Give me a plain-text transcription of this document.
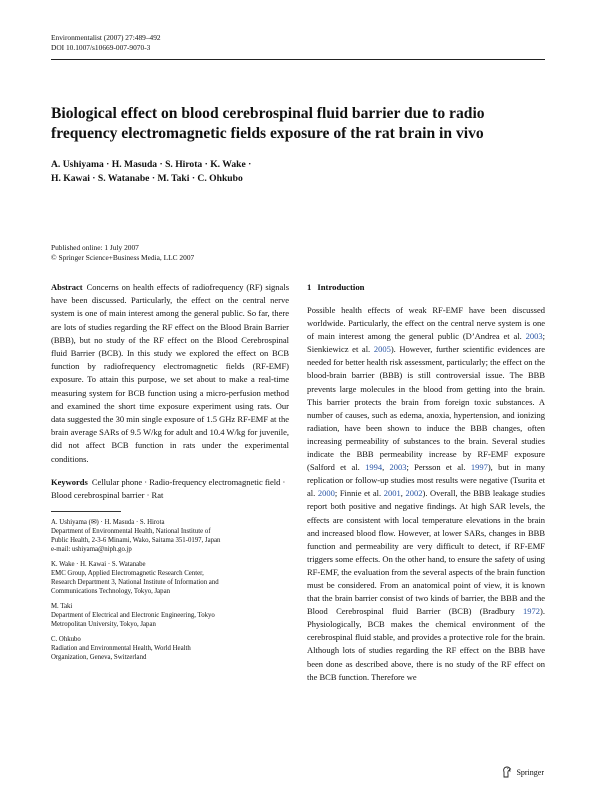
Environmentalist (2007) 27:489–492
DOI 10.1007/s10669-007-9070-3
Biological effect on blood cerebrospinal fluid barrier due to radio frequency electromagnetic fields exposure of the rat brain in vivo
A. Ushiyama · H. Masuda · S. Hirota · K. Wake ·
H. Kawai · S. Watanabe · M. Taki · C. Ohkubo
Published online: 1 July 2007
© Springer Science+Business Media, LLC 2007

Abstract Concerns on health effects of radiofrequency (RF) signals have been discussed. Particularly, the effect on the central nerve system is one of main interest among the general public. So far, there are lots of studies regarding the RF effect on the Blood Brain Barrier (BBB), but no study of the RF effect on the Blood Cerebrospinal fluid Barrier (BCB). In this study we explored the effect on BCB function by radiofrequency electromagnetic fields (RF-EMF) exposure. To attain this purpose, we set about to make a real-time measuring system for BCB function using a micro-perfusion method and examined the short time exposure experiment using rats. Our data suggested the 30 min single exposure of 1.5 GHz RF-EMF at the brain average SARs of 9.5 W/kg for adult and 10.4 W/kg for juvenile, did not affect BCB function in rats under the experimental conditions.

Keywords Cellular phone · Radio-frequency electromagnetic field · Blood cerebrospinal barrier · Rat

A. Ushiyama (✉) · H. Masuda · S. Hirota
Department of Environmental Health, National Institute of
Public Health, 2-3-6 Minami, Wako, Saitama 351-0197, Japan
e-mail: ushiyama@niph.go.jp
K. Wake · H. Kawai · S. Watanabe
EMC Group, Applied Electromagnetic Research Center,
Research Department 3, National Institute of Information and
Communications Technology, Tokyo, Japan
M. Taki
Department of Electrical and Electronic Engineering, Tokyo
Metropolitan University, Tokyo, Japan
C. Ohkubo
Radiation and Environmental Health, World Health
Organization, Geneva, Switzerland

1 Introduction

Possible health effects of weak RF-EMF have been discussed worldwide. Particularly, the effect on the central nerve system is one of main interest among the general public (D’Andrea et al. 2003; Sienkiewicz et al. 2005). However, further scientific evidences are needed for better health risk assessment, particularly; the effect on the blood-brain barrier (BBB) is still controversial issue. The BBB prevents large molecules in the blood from getting into the brain. This barrier protects the brain from foreign toxic substances. A number of causes, such as edema, anoxia, hypertension, and ionizing radiation, have been shown to induce the BBB changes, often increasing permeability of substances to the brain. Several studies indicate the BBB permeability increase by RF-EMF exposure (Salford et al. 1994, 2003; Persson et al. 1997), but in many replication or follow-up studies most results were negative (Tsurita et al. 2000; Finnie et al. 2001, 2002). Overall, the BBB leakage studies report both positive and negative findings. At high SAR levels, the effects are consistent with local temperature elevations in the brain and increased blood flow. However, at lower SARs, changes in BBB function and permeability are very difficult to detect, if RF-EMF triggers some effects. On the other hand, to ensure the safety of using RF-EMF, the evaluation from the several aspects of the brain function must be considered. From an anatomical point of view, it is known that the brain barrier consist of two kinds of barrier, the BBB and the Blood Cerebrospinal fluid Barrier (BCB) (Bradbury 1972). Physiologically, BCB makes the chemical environment of the cerebrospinal fluid stable, and provides a protective role for the brain. Although lots of studies regarding the RF effect on the BBB have been done as described above, there is no study of the RF effect on the BCB function. Therefore we

Springer
